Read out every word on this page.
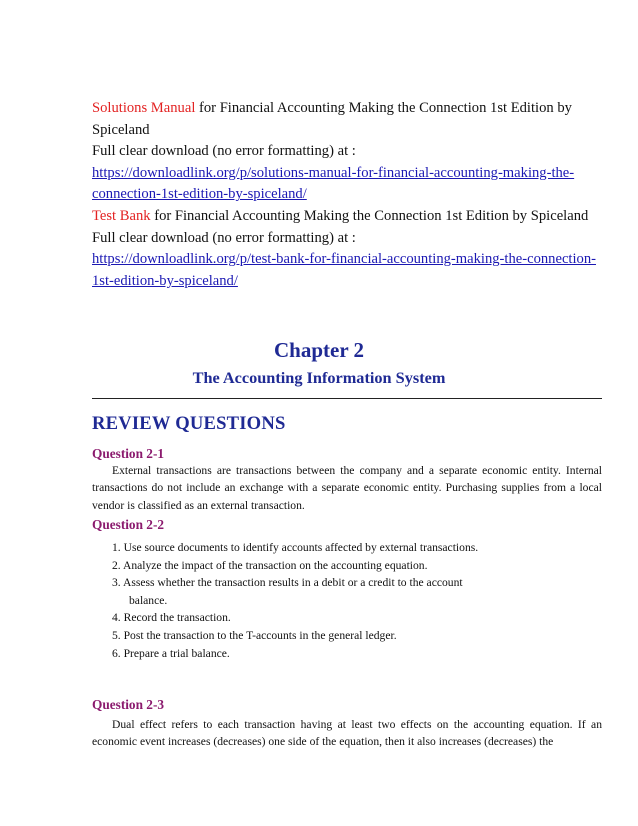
Solutions Manual for Financial Accounting Making the Connection 1st Edition by Spiceland

Full clear download (no error formatting) at :

https://downloadlink.org/p/solutions-manual-for-financial-accounting-making-the-connection-1st-edition-by-spiceland/

Test Bank for Financial Accounting Making the Connection 1st Edition by Spiceland

Full clear download (no error formatting) at :

https://downloadlink.org/p/test-bank-for-financial-accounting-making-the-connection-1st-edition-by-spiceland/

Chapter 2
The Accounting Information System
REVIEW QUESTIONS
Question 2-1

External transactions are transactions between the company and a separate economic entity. Internal transactions do not include an exchange with a separate economic entity. Purchasing supplies from a local vendor is classified as an external transaction.

Question 2-2
1. Use source documents to identify accounts affected by external transactions.
2. Analyze the impact of the transaction on the accounting equation.
3. Assess whether the transaction results in a debit or a credit to the account
balance.
4. Record the transaction.
5. Post the transaction to the T-accounts in the general ledger.
6. Prepare a trial balance.
Question 2-3

Dual effect refers to each transaction having at least two effects on the accounting equation. If an economic event increases (decreases) one side of the equation, then it also increases (decreases) the
